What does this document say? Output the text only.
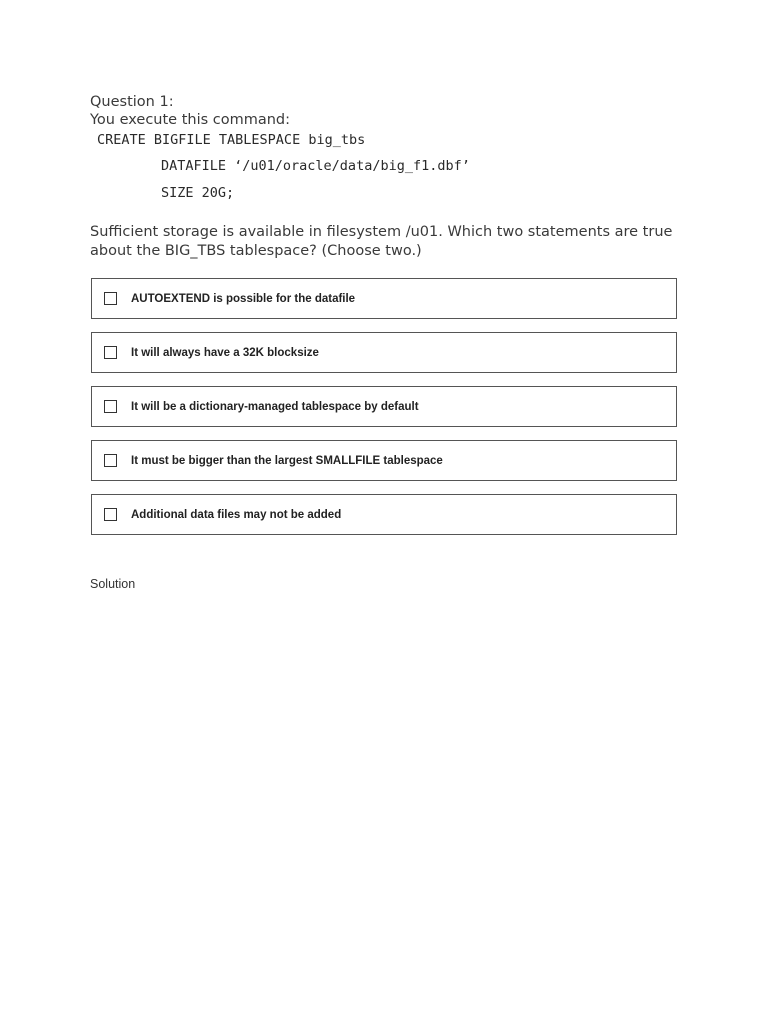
Question 1:

You execute this command:

CREATE BIGFILE TABLESPACE big_tbs
DATAFILE ‘/u01/oracle/data/big_f1.dbf’
SIZE 20G;

Sufficient storage is available in filesystem /u01. Which two statements are true about the BIG_TBS tablespace? (Choose two.)

AUTOEXTEND is possible for the datafile
It will always have a 32K blocksize
It will be a dictionary-managed tablespace by default
It must be bigger than the largest SMALLFILE tablespace
Additional data files may not be added
Solution
